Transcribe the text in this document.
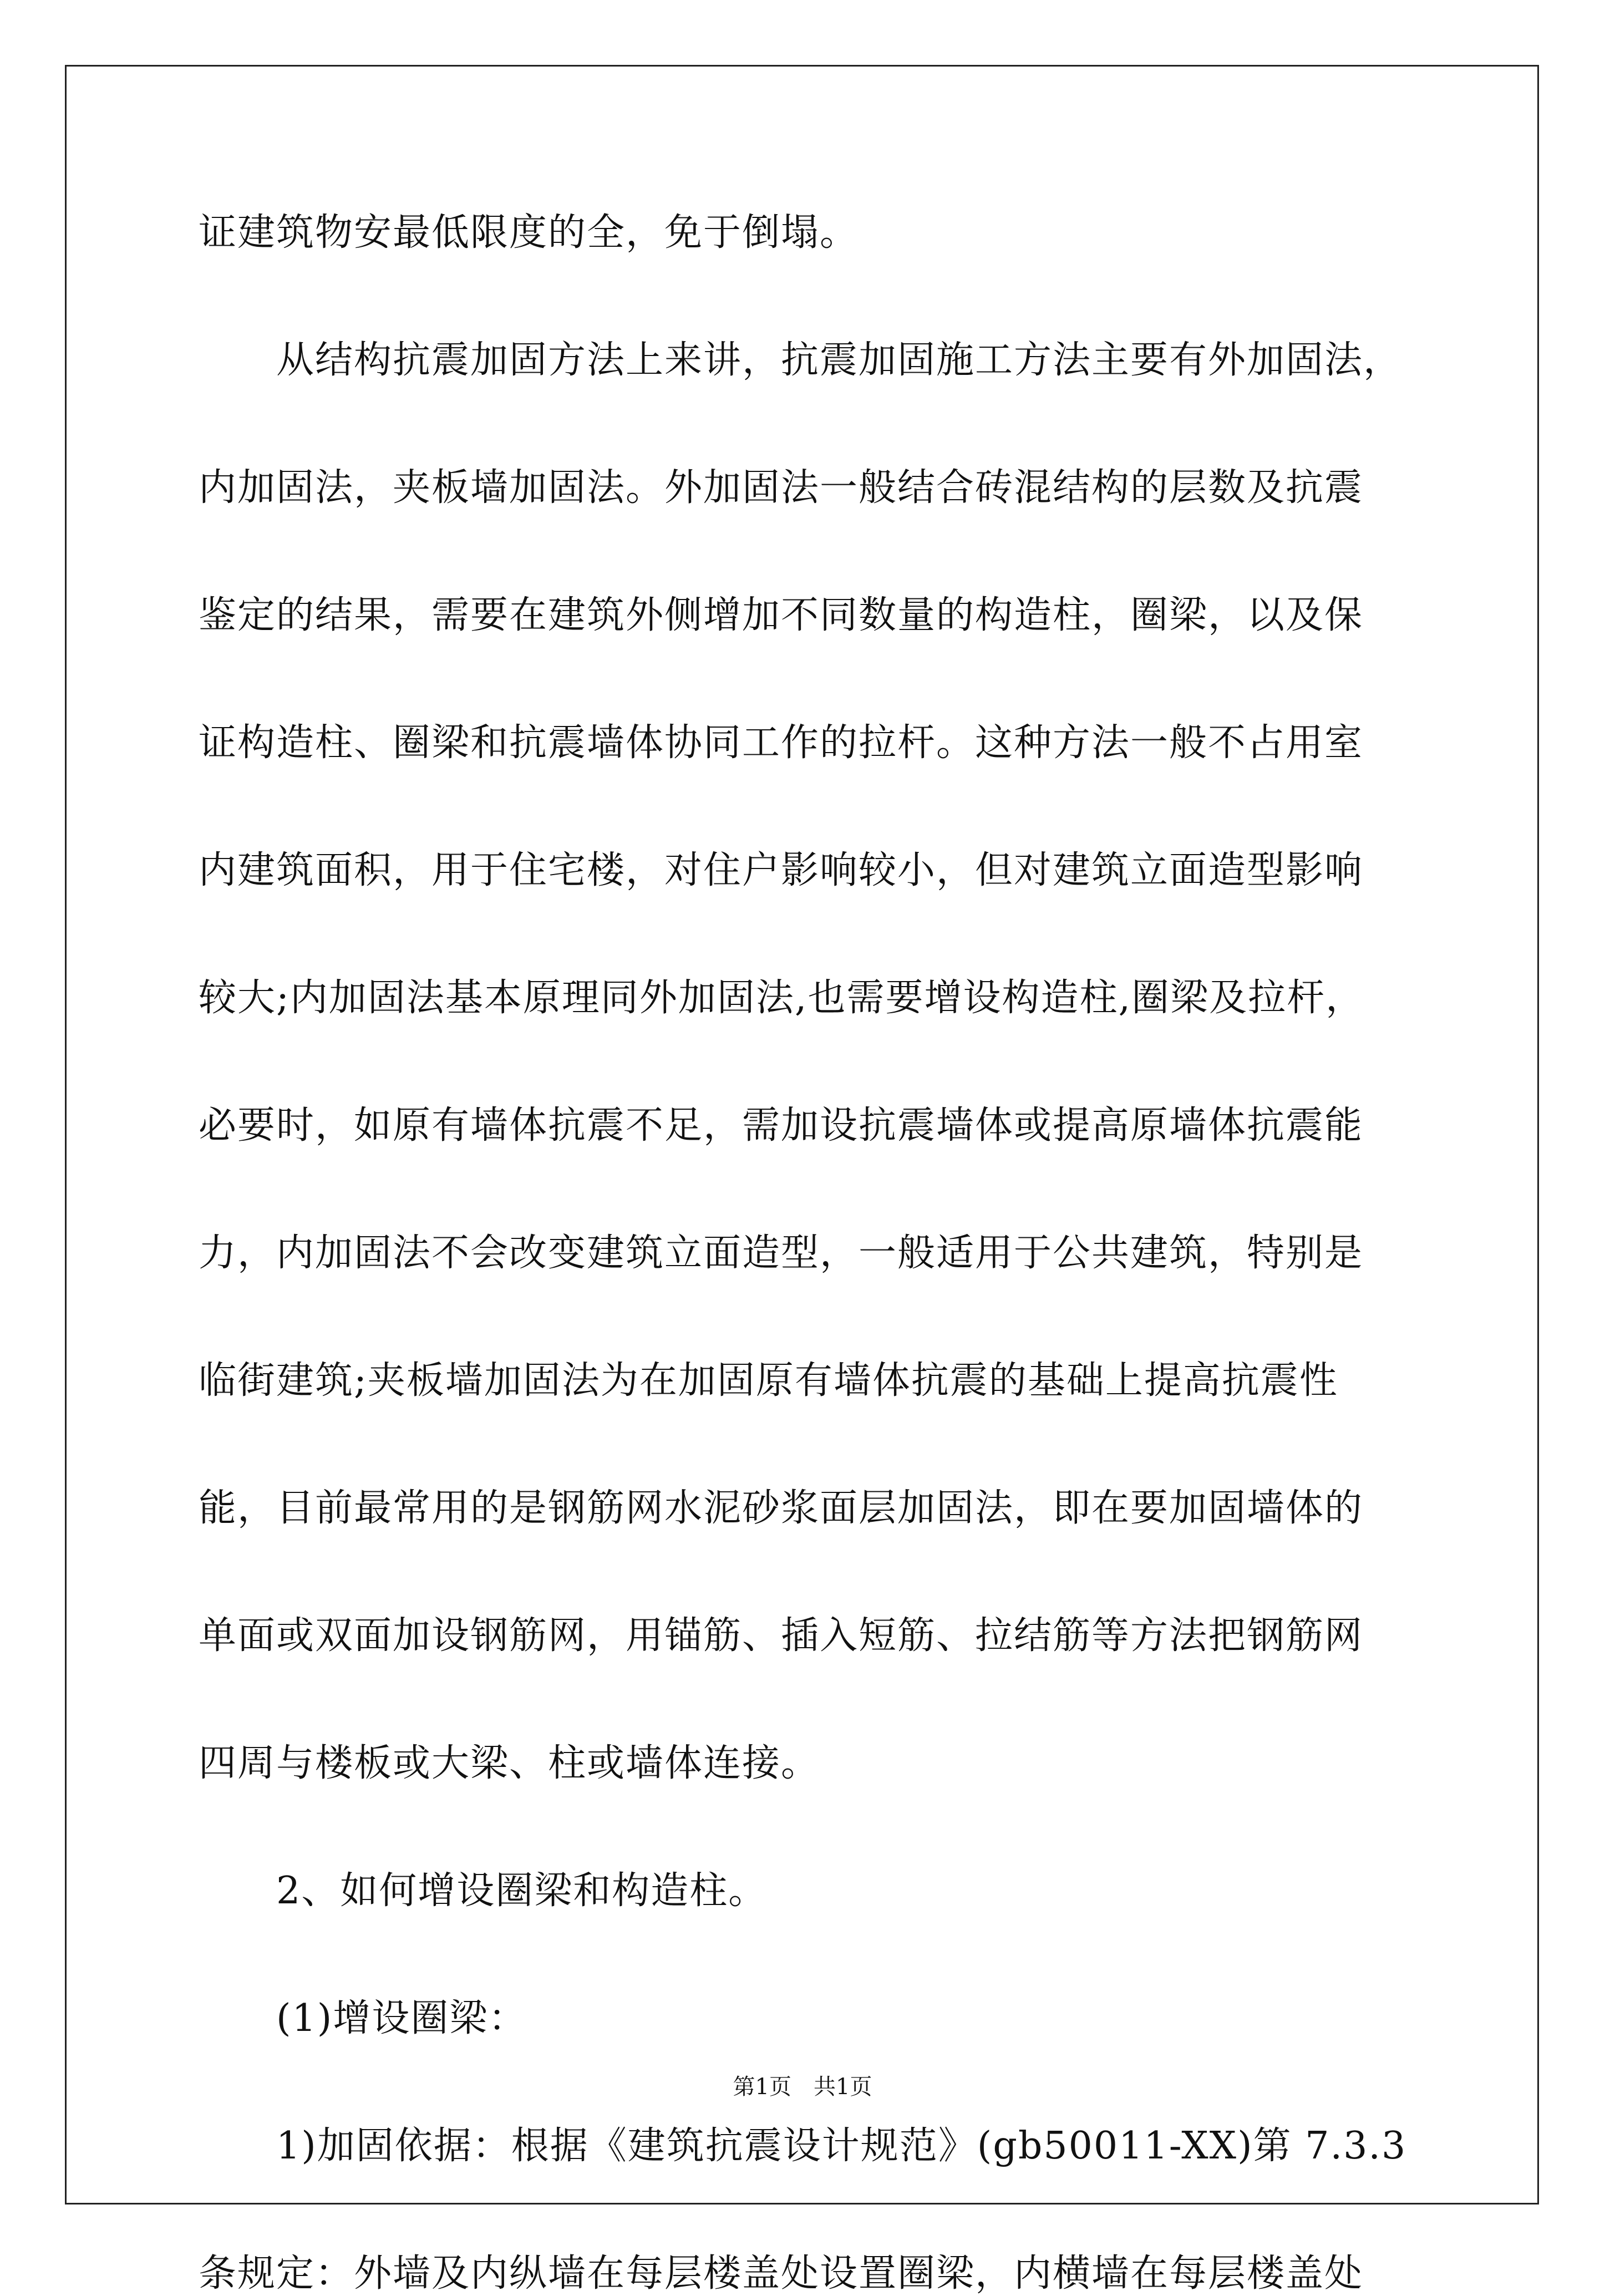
证建筑物安最低限度的全，免于倒塌。
　　从结构抗震加固方法上来讲，抗震加固施工方法主要有外加固法，
内加固法，夹板墙加固法。外加固法一般结合砖混结构的层数及抗震
鉴定的结果，需要在建筑外侧增加不同数量的构造柱，圈梁，以及保
证构造柱、圈梁和抗震墙体协同工作的拉杆。这种方法一般不占用室
内建筑面积，用于住宅楼，对住户影响较小，但对建筑立面造型影响
较大;内加固法基本原理同外加固法,也需要增设构造柱,圈梁及拉杆，
必要时，如原有墙体抗震不足，需加设抗震墙体或提高原墙体抗震能
力，内加固法不会改变建筑立面造型，一般适用于公共建筑，特别是
临街建筑;夹板墙加固法为在加固原有墙体抗震的基础上提高抗震性
能，目前最常用的是钢筋网水泥砂浆面层加固法，即在要加固墙体的
单面或双面加设钢筋网，用锚筋、插入短筋、拉结筋等方法把钢筋网
四周与楼板或大梁、柱或墙体连接。
　　2、如何增设圈梁和构造柱。
　　(1)增设圈梁：
　　1)加固依据：根据《建筑抗震设计规范》(gb50011-XX)第 7.3.3
条规定：外墙及内纵墙在每层楼盖处设置圈梁，内横墙在每层楼盖处
第1页　共1页
